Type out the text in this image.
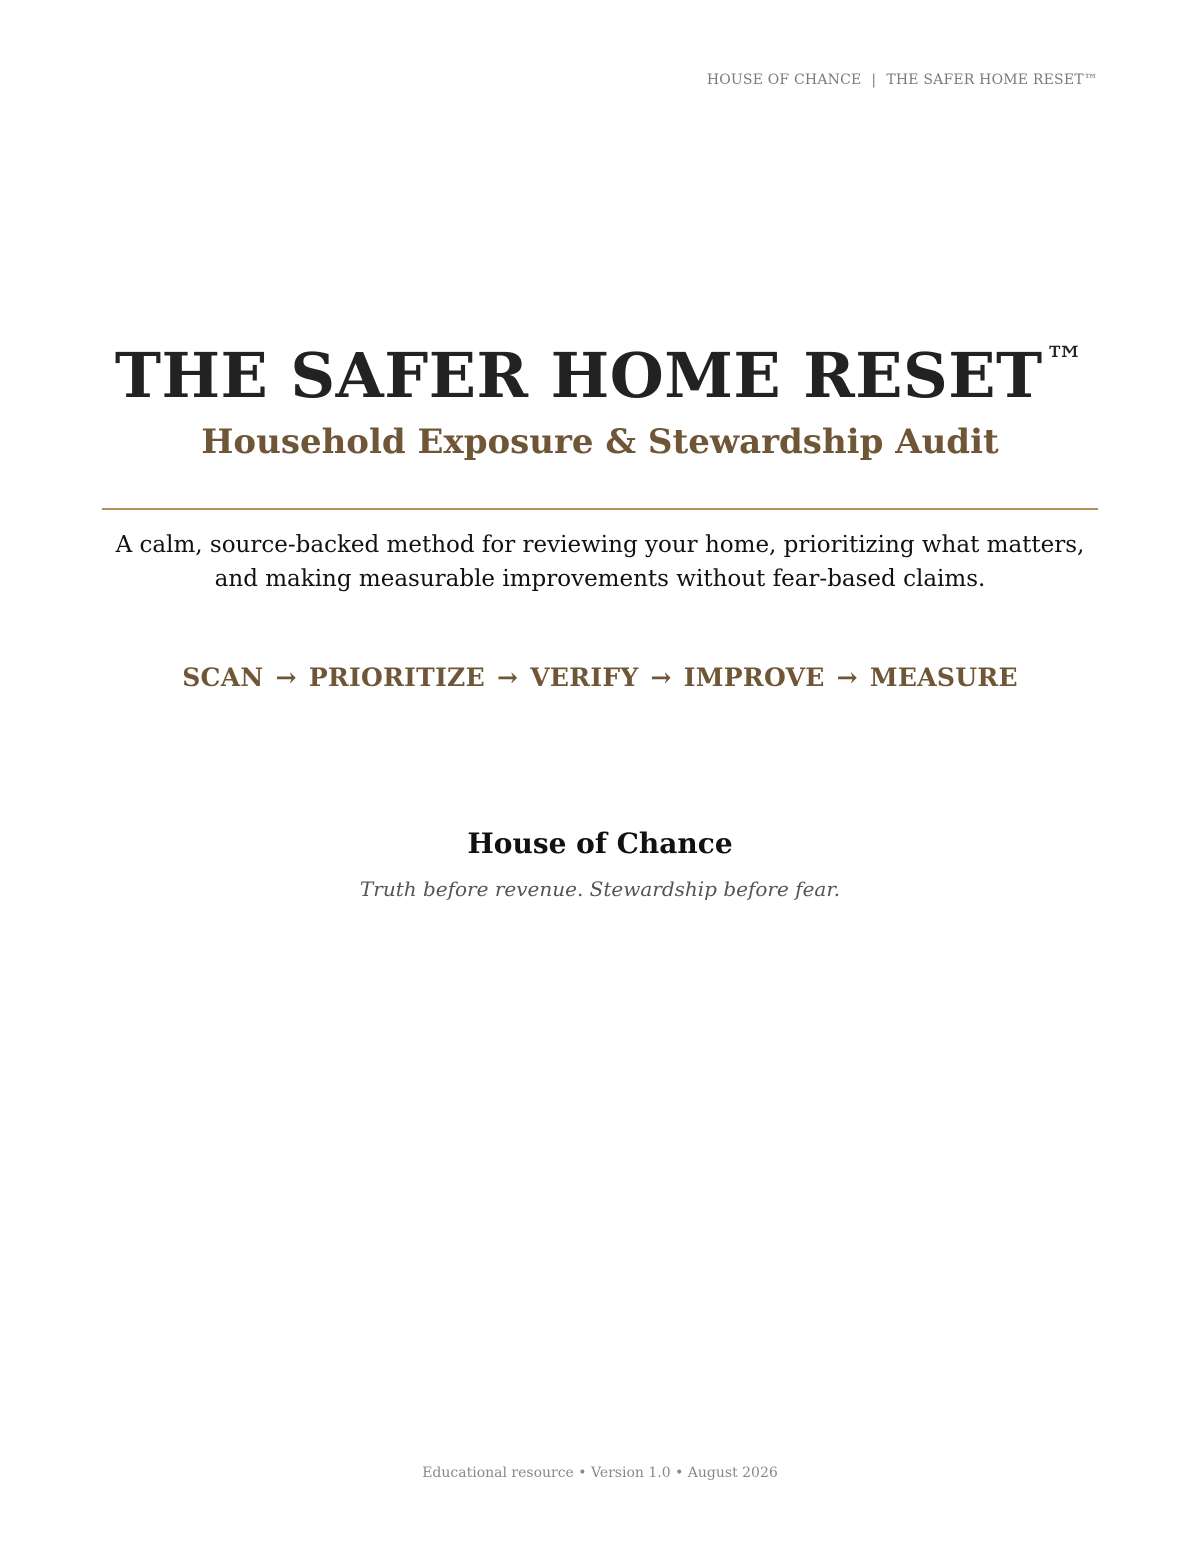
HOUSE OF CHANCE | THE SAFER HOME RESET™
THE SAFER HOME RESET™
Household Exposure & Stewardship Audit

A calm, source-backed method for reviewing your home, prioritizing what matters, and making measurable improvements without fear-based claims.

SCAN → PRIORITIZE → VERIFY → IMPROVE → MEASURE
House of Chance
Truth before revenue. Stewardship before fear.
Educational resource • Version 1.0 • August 2026
